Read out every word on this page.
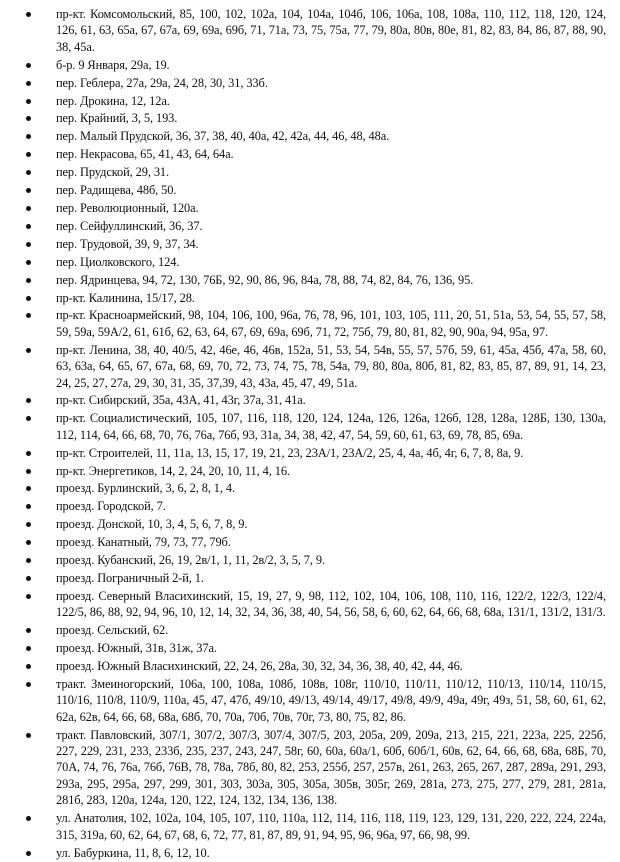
пр-кт. Комсомольский, 85, 100, 102, 102а, 104, 104а, 104б, 106, 106а, 108, 108а, 110, 112, 118, 120, 124, 126, 61, 63, 65а, 67, 67а, 69, 69а, 69б, 71, 71а, 73, 75, 75а, 77, 79, 80а, 80в, 80е, 81, 82, 83, 84, 86, 87, 88, 90, 38, 45а.
б-р. 9 Января, 29а, 19.
пер. Геблера, 27а, 29а, 24, 28, 30, 31, 33б.
пер. Дрокина, 12, 12а.
пер. Крайний, 3, 5, 193.
пер. Малый Прудской, 36, 37, 38, 40, 40а, 42, 42а, 44, 46, 48, 48а.
пер. Некрасова, 65, 41, 43, 64, 64а.
пер. Прудской, 29, 31.
пер. Радищева, 48б, 50.
пер. Революционный, 120а.
пер. Сейфуллинский, 36, 37.
пер. Трудовой, 39, 9, 37, 34.
пер. Циолковского, 124.
пер. Ядринцева, 94, 72, 130, 76Б, 92, 90, 86, 96, 84а, 78, 88, 74, 82, 84, 76, 136, 95.
пр-кт. Калинина, 15/17, 28.
пр-кт. Красноармейский, 98, 104, 106, 100, 96а, 76, 78, 96, 101, 103, 105, 111, 20, 51, 51а, 53, 54, 55, 57, 58, 59, 59а, 59А/2, 61, 61б, 62, 63, 64, 67, 69, 69а, 69б, 71, 72, 75б, 79, 80, 81, 82, 90, 90а, 94, 95а, 97.
пр-кт. Ленина, 38, 40, 40/5, 42, 46е, 46, 46в, 152а, 51, 53, 54, 54в, 55, 57, 57б, 59, 61, 45а, 45б, 47а, 58, 60, 63, 63а, 64, 65, 67, 67а, 68, 69, 70, 72, 73, 74, 75, 78, 54а, 79, 80, 80а, 80б, 81, 82, 83, 85, 87, 89, 91, 14, 23, 24, 25, 27, 27а, 29, 30, 31, 35, 37,39, 43, 43а, 45, 47, 49, 51а.
пр-кт. Сибирский, 35а, 43А, 41, 43г, 37а, 31, 41а.
пр-кт. Социалистический, 105, 107, 116, 118, 120, 124, 124а, 126, 126а, 126б, 128, 128а, 128Б, 130, 130а, 112, 114, 64, 66, 68, 70, 76, 76а, 76б, 93, 31а, 34, 38, 42, 47, 54, 59, 60, 61, 63, 69, 78, 85, 69а.
пр-кт. Строителей, 11, 11а, 13, 15, 17, 19, 21, 23, 23А/1, 23А/2, 25, 4, 4а, 4б, 4г, 6, 7, 8, 8а, 9.
пр-кт. Энергетиков, 14, 2, 24, 20, 10, 11, 4, 16.
проезд. Бурлинский, 3, 6, 2, 8, 1, 4.
проезд. Городской, 7.
проезд. Донской, 10, 3, 4, 5, 6, 7, 8, 9.
проезд. Канатный, 79, 73, 77, 79б.
проезд. Кубанский, 26, 19, 2в/1, 1, 11, 2в/2, 3, 5, 7, 9.
проезд. Пограничный 2-й, 1.
проезд. Северный Власихинский, 15, 19, 27, 9, 98, 112, 102, 104, 106, 108, 110, 116, 122/2, 122/3, 122/4, 122/5, 86, 88, 92, 94, 96, 10, 12, 14, 32, 34, 36, 38, 40, 54, 56, 58, 6, 60, 62, 64, 66, 68, 68а, 131/1, 131/2, 131/3.
проезд. Сельский, 62.
проезд. Южный, 31в, 31ж, 37а.
проезд. Южный Власихинский, 22, 24, 26, 28а, 30, 32, 34, 36, 38, 40, 42, 44, 46.
тракт. Змеиногорский, 106а, 100, 108а, 108б, 108в, 108г, 110/10, 110/11, 110/12, 110/13, 110/14, 110/15, 110/16, 110/8, 110/9, 110а, 45, 47, 47б, 49/10, 49/13, 49/14, 49/17, 49/8, 49/9, 49а, 49г, 49з, 51, 58, 60, 61, 62, 62а, 62в, 64, 66, 68, 68а, 68б, 70, 70а, 70б, 70в, 70г, 73, 80, 75, 82, 86.
тракт. Павловский, 307/1, 307/2, 307/3, 307/4, 307/5, 203, 205а, 209, 209а, 213, 215, 221, 223а, 225, 225б, 227, 229, 231, 233, 233б, 235, 237, 243, 247, 58г, 60, 60а, 60а/1, 60б, 60б/1, 60в, 62, 64, 66, 68, 68а, 68Б, 70, 70А, 74, 76, 76а, 76б, 76В, 78, 78а, 78б, 80, 82, 253, 255б, 257, 257в, 261, 263, 265, 267, 287, 289а, 291, 293, 293а, 295, 295а, 297, 299, 301, 303, 303а, 305, 305а, 305в, 305г, 269, 281а, 273, 275, 277, 279, 281, 281а, 281б, 283, 120а, 124а, 120, 122, 124, 132, 134, 136, 138.
ул. Анатолия, 102, 102а, 104, 105, 107, 110, 110а, 112, 114, 116, 118, 119, 123, 129, 131, 220, 222, 224, 224а, 315, 319а, 60, 62, 64, 67, 68, 6, 72, 77, 81, 87, 89, 91, 94, 95, 96, 96а, 97, 66, 98, 99.
ул. Бабуркина, 11, 8, 6, 12, 10.
